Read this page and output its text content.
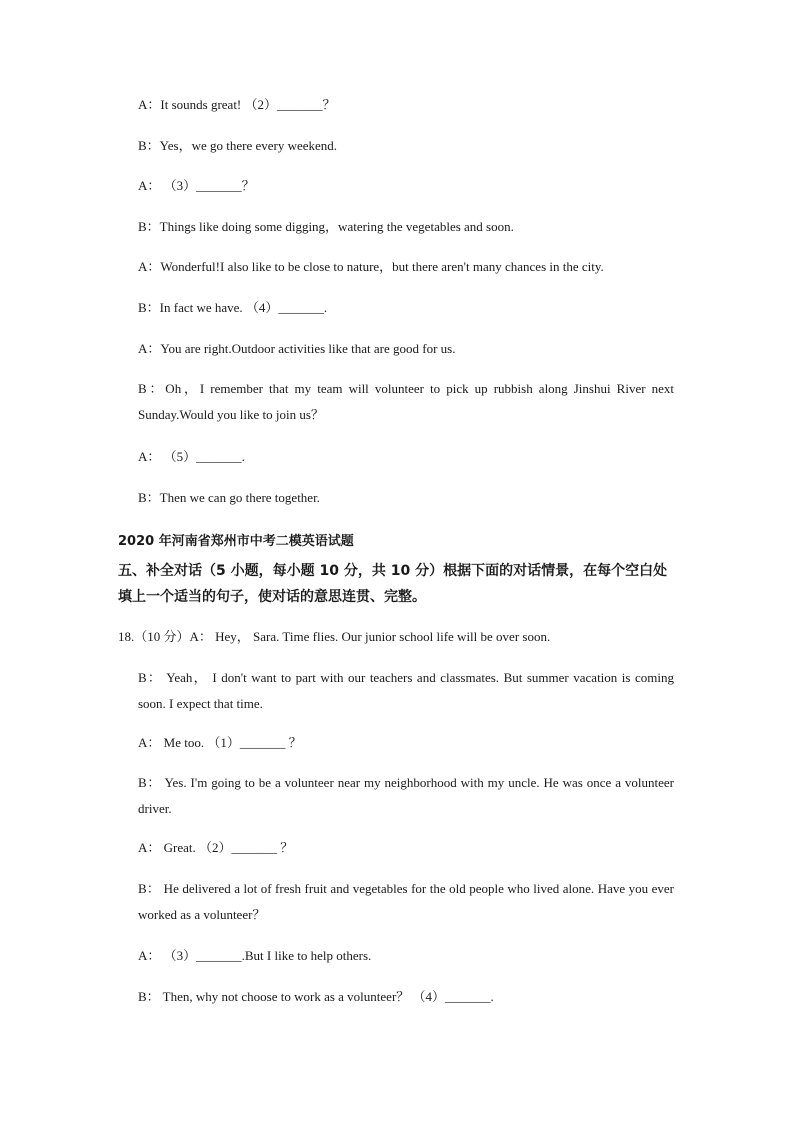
A：It sounds great! （2）_______？
B：Yes，we go there every weekend.
A： （3）_______？
B：Things like doing some digging，watering the vegetables and soon.
A：Wonderful!I also like to be close to nature，but there aren't many chances in the city.
B：In fact we have. （4）_______.
A：You are right.Outdoor activities like that are good for us.
B：Oh，I remember that my team will volunteer to pick up rubbish along Jinshui River next Sunday.Would you like to join us？
A： （5）_______.
B：Then we can go there together.
2020 年河南省郑州市中考二模英语试题
五、补全对话（5 小题，每小题 10 分，共 10 分）根据下面的对话情景，在每个空白处填上一个适当的句子，使对话的意思连贯、完整。
18.（10 分）A： Hey， Sara. Time flies. Our junior school life will be over soon.
B： Yeah， I don't want to part with our teachers and classmates. But summer vacation is coming soon. I expect that time.
A： Me too. （1）_______ ？
B： Yes. I'm going to be a volunteer near my neighborhood with my uncle. He was once a volunteer driver.
A： Great. （2）_______ ？
B： He delivered a lot of fresh fruit and vegetables for the old people who lived alone. Have you ever worked as a volunteer？
A： （3）_______.But I like to help others.
B： Then, why not choose to work as a volunteer？ （4）_______.
